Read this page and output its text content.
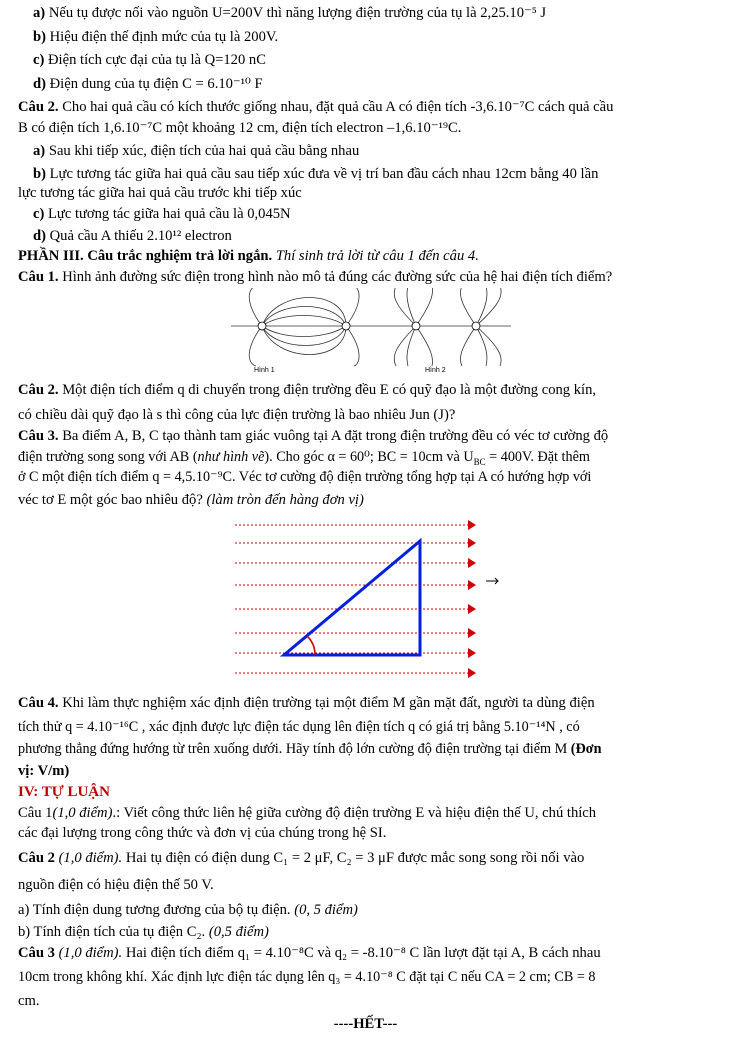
a) Nếu tụ được nối vào nguồn U=200V thì năng lượng điện trường của tụ là 2,25.10⁻⁵ J
b) Hiệu điện thế định mức của tụ là 200V.
c) Điện tích cực đại của tụ là Q=120 nC
d) Điện dung của tụ điện C = 6.10⁻¹⁰ F
Câu 2. Cho hai quả cầu có kích thước giống nhau, đặt quả cầu A có điện tích -3,6.10⁻⁷C cách quả cầu
B có điện tích 1,6.10⁻⁷C một khoảng 12 cm, điện tích electron –1,6.10⁻¹⁹C.
a) Sau khi tiếp xúc, điện tích của hai quả cầu bằng nhau
b) Lực tương tác giữa hai quả cầu sau tiếp xúc đưa về vị trí ban đầu cách nhau 12cm bằng 40 lần
lực tương tác giữa hai quả cầu trước khi tiếp xúc
c) Lực tương tác giữa hai quả cầu là 0,045N
d) Quả cầu A thiếu 2.10¹² electron
PHẦN III. Câu trắc nghiệm trả lời ngắn. Thí sinh trả lời từ câu 1 đến câu 4.
Câu 1. Hình ảnh đường sức điện trong hình nào mô tả đúng các đường sức của hệ hai điện tích điểm?
Hình 1	Hình 2
Câu 2. Một điện tích điểm q di chuyển trong điện trường đều E có quỹ đạo là một đường cong kín,
có chiều dài quỹ đạo là s thì công của lực điện trường là bao nhiêu Jun (J)?
Câu 3. Ba điểm A, B, C tạo thành tam giác vuông tại A đặt trong điện trường đều có véc tơ cường độ
điện trường song song với AB (như hình vẽ). Cho góc α = 60⁰; BC = 10cm và $U_{BC} = 400V$. Đặt thêm
ở C một điện tích điểm q = 4,5.10⁻⁹C. Véc tơ cường độ điện trường tổng hợp tại A có hướng hợp với
véc tơ E một góc bao nhiêu độ? (làm tròn đến hàng đơn vị)
Câu 4. Khi làm thực nghiệm xác định điện trường tại một điểm M gần mặt đất, người ta dùng điện
tích thử q = 4.10⁻¹⁶C , xác định được lực điện tác dụng lên điện tích q có giá trị bằng 5.10⁻¹⁴N , có
phương thẳng đứng hướng từ trên xuống dưới. Hãy tính độ lớn cường độ điện trường tại điểm M (Đơn
vị: V/m)
IV: TỰ LUẬN
Câu 1(1,0 điểm).: Viết công thức liên hệ giữa cường độ điện trường E và hiệu điện thế U, chú thích
các đại lượng trong công thức và đơn vị của chúng trong hệ SI.
Câu 2 (1,0 điểm). Hai tụ điện có điện dung C₁ = 2 μF, C₂ = 3 μF được mắc song song rồi nối vào
nguồn điện có hiệu điện thế 50 V.
a) Tính điện dung tương đương của bộ tụ điện. (0, 5 điểm)
b) Tính điện tích của tụ điện C₂. (0,5 điểm)
Câu 3 (1,0 điểm). Hai điện tích điểm q₁ = 4.10⁻⁸C và q₂ = -8.10⁻⁸ C lần lượt đặt tại A, B cách nhau
10cm trong không khí. Xác định lực điện tác dụng lên q₃ = 4.10⁻⁸ C đặt tại C nếu CA = 2 cm; CB = 8
cm.
----HẾT---
